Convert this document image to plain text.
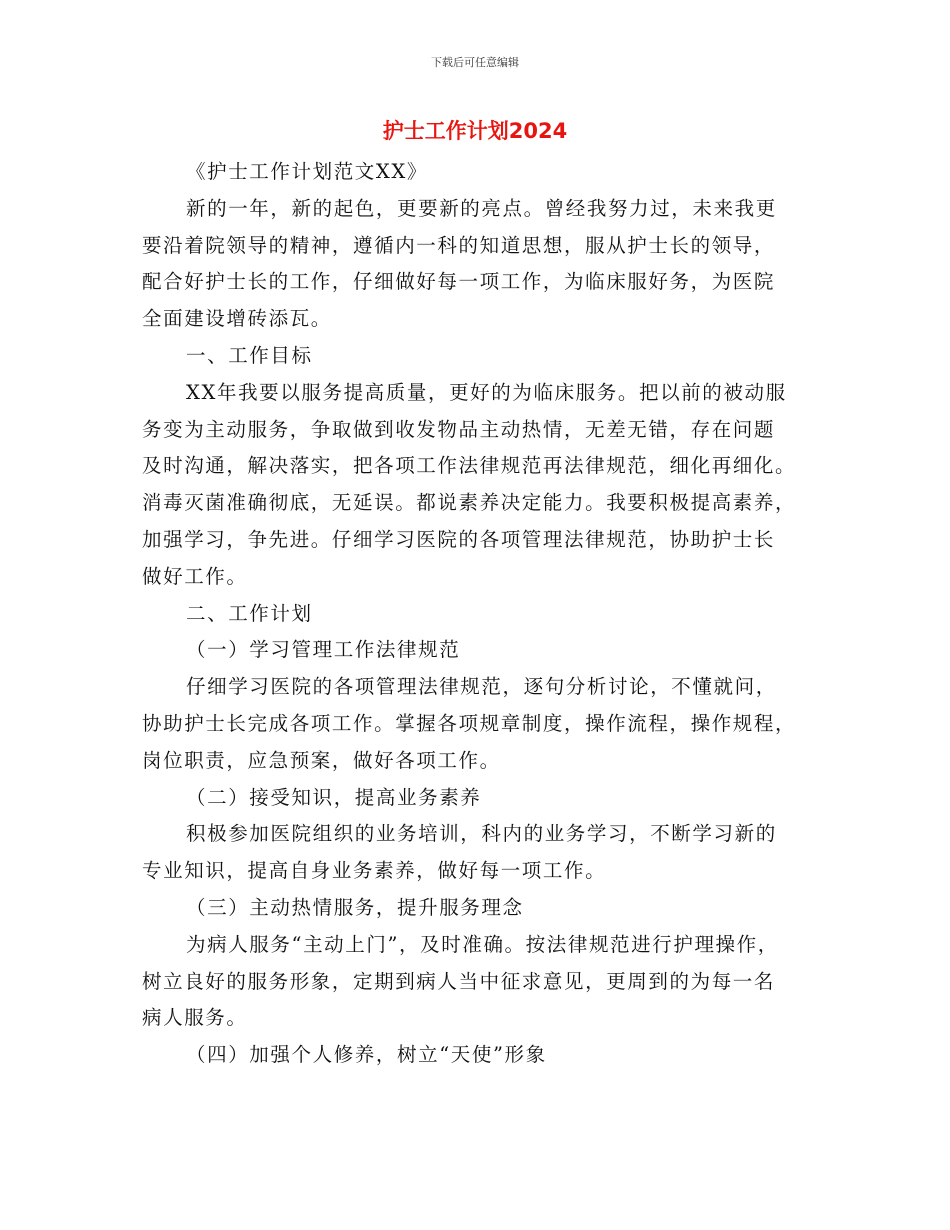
下载后可任意编辑
护士工作计划2024
《护士工作计划范文XX》
新的一年，新的起色，更要新的亮点。曾经我努力过，未来我更
要沿着院领导的精神，遵循内一科的知道思想，服从护士长的领导，
配合好护士长的工作，仔细做好每一项工作，为临床服好务，为医院
全面建设增砖添瓦。
一、工作目标
XX年我要以服务提高质量，更好的为临床服务。把以前的被动服
务变为主动服务，争取做到收发物品主动热情，无差无错，存在问题
及时沟通，解决落实，把各项工作法律规范再法律规范，细化再细化。
消毒灭菌准确彻底，无延误。都说素养决定能力。我要积极提高素养，
加强学习，争先进。仔细学习医院的各项管理法律规范，协助护士长
做好工作。
二、工作计划
（一）学习管理工作法律规范
仔细学习医院的各项管理法律规范，逐句分析讨论，不懂就问，
协助护士长完成各项工作。掌握各项规章制度，操作流程，操作规程，
岗位职责，应急预案，做好各项工作。
（二）接受知识，提高业务素养
积极参加医院组织的业务培训，科内的业务学习，不断学习新的
专业知识，提高自身业务素养，做好每一项工作。
（三）主动热情服务，提升服务理念
为病人服务“主动上门”，及时准确。按法律规范进行护理操作，
树立良好的服务形象，定期到病人当中征求意见，更周到的为每一名
病人服务。
（四）加强个人修养，树立“天使”形象
